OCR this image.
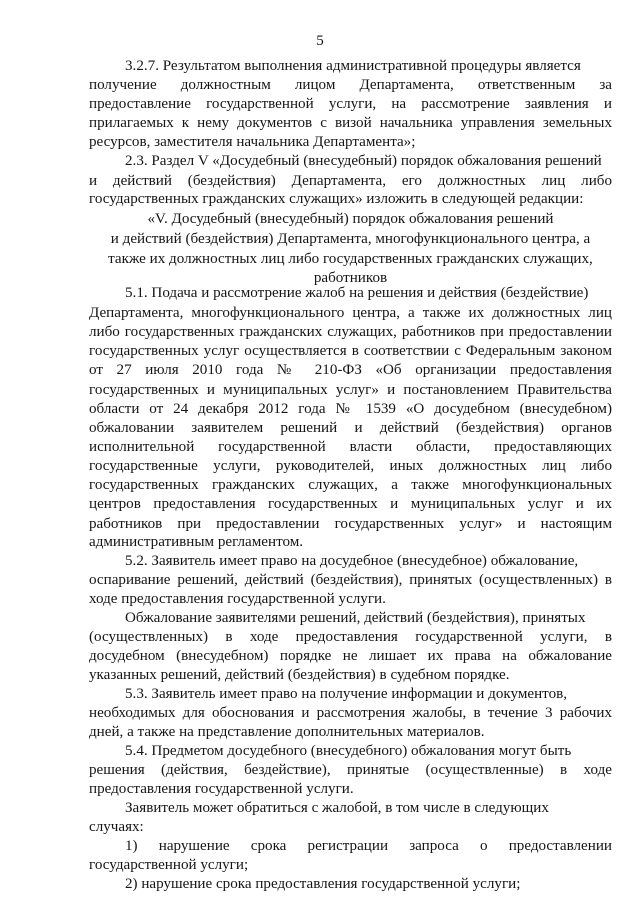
5
3.2.7. Результатом выполнения административной процедуры является
получение должностным лицом Департамента, ответственным за
предоставление государственной услуги, на рассмотрение заявления и
прилагаемых к нему документов с визой начальника управления земельных
ресурсов, заместителя начальника Департамента»;
2.3. Раздел V «Досудебный (внесудебный) порядок обжалования решений
и действий (бездействия) Департамента, его должностных лиц либо
государственных гражданских служащих» изложить в следующей редакции:
«V. Досудебный (внесудебный) порядок обжалования решений
и действий (бездействия) Департамента, многофункционального центра, а
также их должностных лиц либо государственных гражданских служащих,
работников
5.1. Подача и рассмотрение жалоб на решения и действия (бездействие)
Департамента, многофункционального центра, а также их должностных лиц
либо государственных гражданских служащих, работников при предоставлении
государственных услуг осуществляется в соответствии с Федеральным законом
от 27 июля 2010 года № 210-ФЗ «Об организации предоставления
государственных и муниципальных услуг» и постановлением Правительства
области от 24 декабря 2012 года № 1539 «О досудебном (внесудебном)
обжаловании заявителем решений и действий (бездействия) органов
исполнительной государственной власти области, предоставляющих
государственные услуги, руководителей, иных должностных лиц либо
государственных гражданских служащих, а также многофункциональных
центров предоставления государственных и муниципальных услуг и их
работников при предоставлении государственных услуг» и настоящим
административным регламентом.
5.2. Заявитель имеет право на досудебное (внесудебное) обжалование,
оспаривание решений, действий (бездействия), принятых (осуществленных) в
ходе предоставления государственной услуги.
Обжалование заявителями решений, действий (бездействия), принятых
(осуществленных) в ходе предоставления государственной услуги, в
досудебном (внесудебном) порядке не лишает их права на обжалование
указанных решений, действий (бездействия) в судебном порядке.
5.3. Заявитель имеет право на получение информации и документов,
необходимых для обоснования и рассмотрения жалобы, в течение 3 рабочих
дней, а также на представление дополнительных материалов.
5.4. Предметом досудебного (внесудебного) обжалования могут быть
решения (действия, бездействие), принятые (осуществленные) в ходе
предоставления государственной услуги.
Заявитель может обратиться с жалобой, в том числе в следующих
случаях:
1) нарушение срока регистрации запроса о предоставлении
государственной услуги;
2) нарушение срока предоставления государственной услуги;
